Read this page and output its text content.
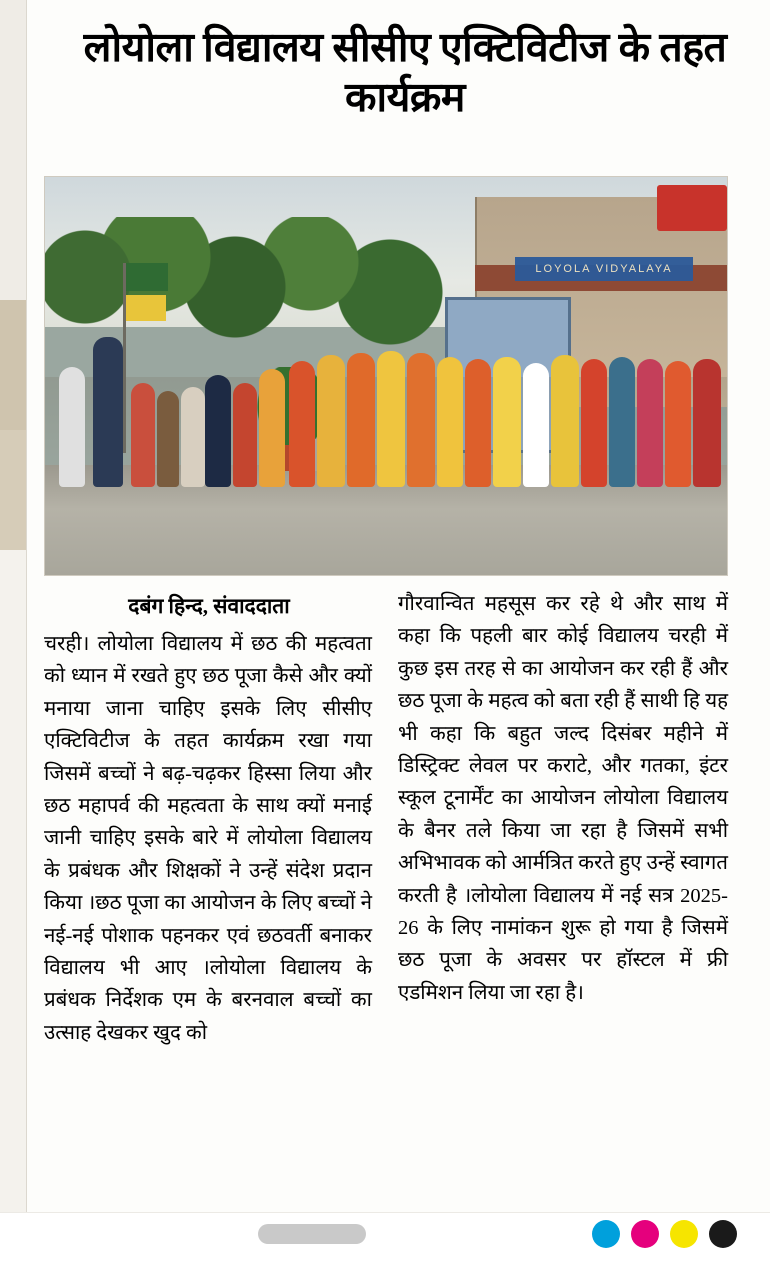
लोयोला विद्यालय सीसीए एक्टिविटीज के तहत कार्यक्रम
LOYOLA VIDYALAYA
दबंग हिन्द, संवाददाता
चरही। लोयोला विद्यालय में छठ की महत्वता को ध्यान में रखते हुए छठ पूजा कैसे और क्यों मनाया जाना चाहिए इसके लिए सीसीए एक्टिविटीज के तहत कार्यक्रम रखा गया जिसमें बच्चों ने बढ़-चढ़कर हिस्सा लिया और छठ महापर्व की महत्वता के साथ क्यों मनाई जानी चाहिए इसके बारे में लोयोला विद्यालय के प्रबंधक और शिक्षकों ने उन्हें संदेश प्रदान किया ।छठ पूजा का आयोजन के लिए बच्चों ने नई-नई पोशाक पहनकर एवं छठवर्ती बनाकर विद्यालय भी आए ।लोयोला विद्यालय के प्रबंधक निर्देशक एम के बरनवाल बच्चों का उत्साह देखकर खुद को
गौरवान्वित महसूस कर रहे थे और साथ में कहा कि पहली बार कोई विद्यालय चरही में कुछ इस तरह से का आयोजन कर रही हैं और छठ पूजा के महत्व को बता रही हैं साथी हि यह भी कहा कि बहुत जल्द दिसंबर महीने में डिस्ट्रिक्ट लेवल पर कराटे, और गतका, इंटर स्कूल टूनार्मेंट का आयोजन लोयोला विद्यालय के बैनर तले किया जा रहा है जिसमें सभी अभिभावक को आर्मत्रित करते हुए उन्हें स्वागत करती है ।लोयोला विद्यालय में नई सत्र 2025- 26 के लिए नामांकन शुरू हो गया है जिसमें छठ पूजा के अवसर पर हॉस्टल में फ्री एडमिशन लिया जा रहा है।
